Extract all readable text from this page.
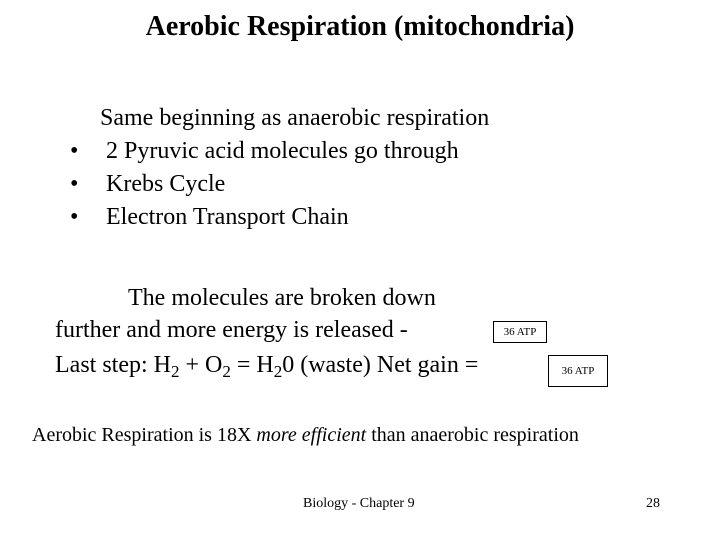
Aerobic Respiration (mitochondria)
Same beginning as anaerobic respiration
•	2 Pyruvic acid molecules go through
•	Krebs Cycle
•	Electron Transport Chain
The molecules are broken down
further and more energy is released -	36 ATP
Last step: $H_2 + O_2 = H_20$ (waste) Net gain =	36 ATP
Aerobic Respiration is 18X more efficient than anaerobic respiration
Biology - Chapter 9	28
